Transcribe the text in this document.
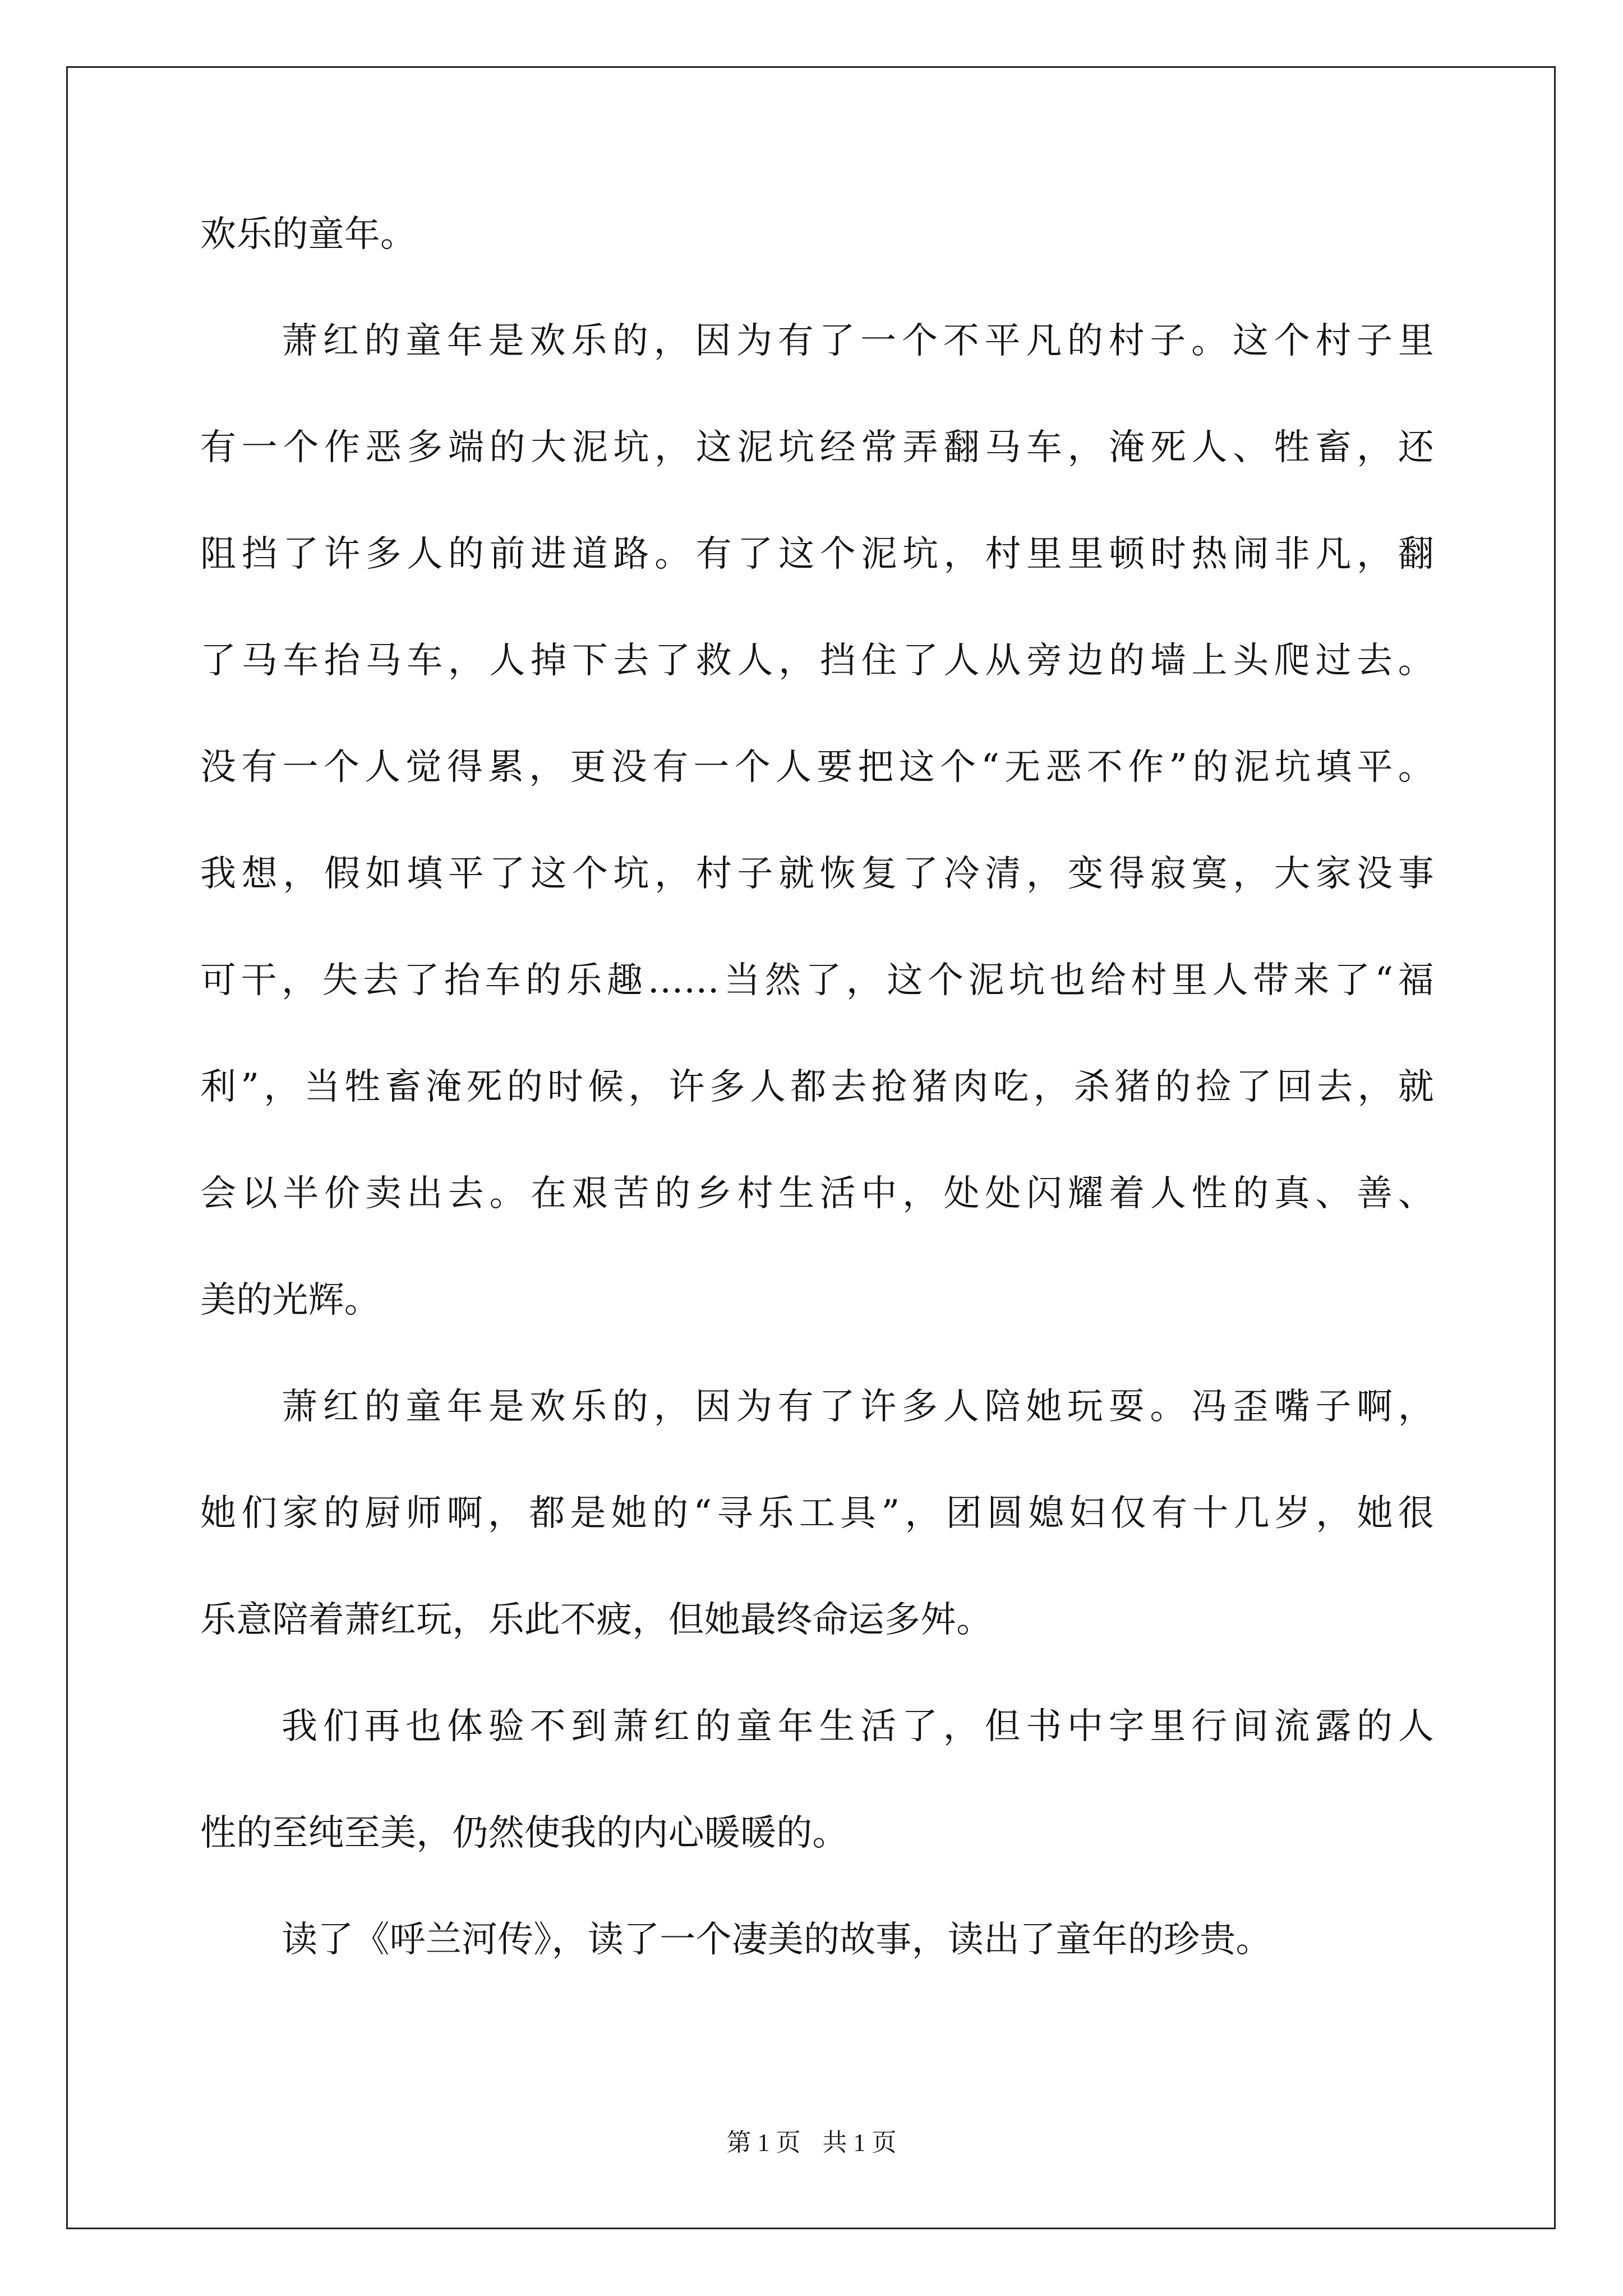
欢乐的童年。
萧红的童年是欢乐的，因为有了一个不平凡的村子。这个村子里
有一个作恶多端的大泥坑，这泥坑经常弄翻马车，淹死人、牲畜，还
阻挡了许多人的前进道路。有了这个泥坑，村里里顿时热闹非凡，翻
了马车抬马车，人掉下去了救人，挡住了人从旁边的墙上头爬过去。
没有一个人觉得累，更没有一个人要把这个“无恶不作”的泥坑填平。
我想，假如填平了这个坑，村子就恢复了冷清，变得寂寞，大家没事
可干，失去了抬车的乐趣……当然了，这个泥坑也给村里人带来了“福
利”，当牲畜淹死的时候，许多人都去抢猪肉吃，杀猪的捡了回去，就
会以半价卖出去。在艰苦的乡村生活中，处处闪耀着人性的真、善、
美的光辉。
萧红的童年是欢乐的，因为有了许多人陪她玩耍。冯歪嘴子啊，
她们家的厨师啊，都是她的“寻乐工具”，团圆媳妇仅有十几岁，她很
乐意陪着萧红玩，乐此不疲，但她最终命运多舛。
我们再也体验不到萧红的童年生活了，但书中字里行间流露的人
性的至纯至美，仍然使我的内心暖暖的。
读了《呼兰河传》，读了一个凄美的故事，读出了童年的珍贵。
第 1 页 共 1 页
